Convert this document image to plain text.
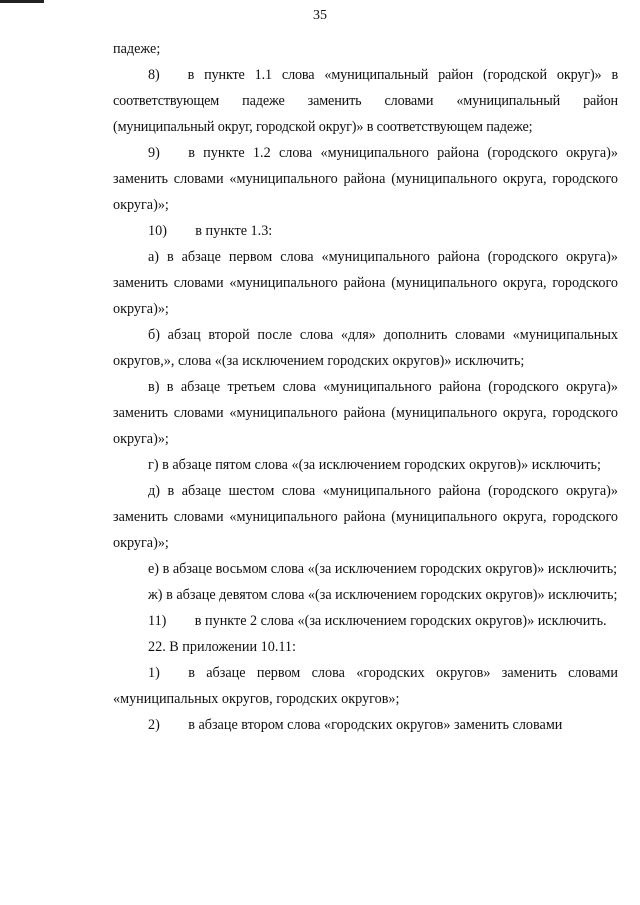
35

падеже;

8)  в пункте 1.1 слова «муниципальный район (городской округ)» в соответствующем падеже заменить словами «муниципальный район (муниципальный округ, городской округ)» в соответствующем падеже;

9)  в пункте 1.2 слова «муниципального района (городского округа)» заменить словами «муниципального района (муниципального округа, городского округа)»;

10)  в пункте 1.3:

а) в абзаце первом слова «муниципального района (городского округа)» заменить словами «муниципального района (муниципального округа, городского округа)»;

б) абзац второй после слова «для» дополнить словами «муниципальных округов,», слова «(за исключением городских округов)» исключить;

в) в абзаце третьем слова «муниципального района (городского округа)» заменить словами «муниципального района (муниципального округа, городского округа)»;

г) в абзаце пятом слова «(за исключением городских округов)» исключить;

д) в абзаце шестом слова «муниципального района (городского округа)» заменить словами «муниципального района (муниципального округа, городского округа)»;

е) в абзаце восьмом слова «(за исключением городских округов)» исключить;

ж) в абзаце девятом слова «(за исключением городских округов)» исключить;

11)  в пункте 2 слова «(за исключением городских округов)» исключить.

22. В приложении 10.11:

1)  в абзаце первом слова «городских округов» заменить словами «муниципальных округов, городских округов»;

2)  в абзаце втором слова «городских округов» заменить словами
